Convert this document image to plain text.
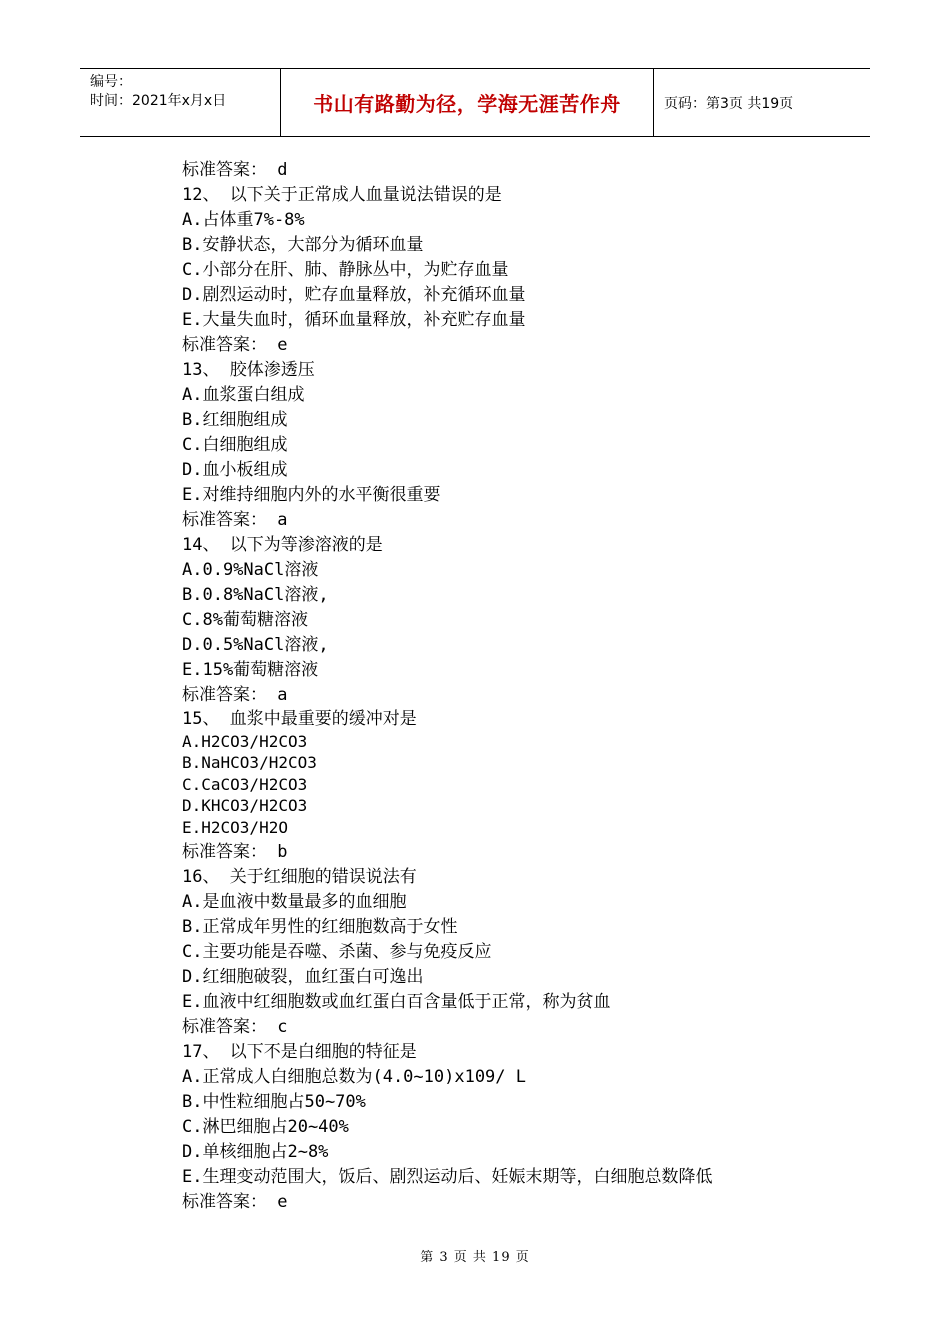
编号：
时间：2021年x月x日	书山有路勤为径，学海无涯苦作舟	页码：第3页 共19页
标准答案： d
12、 以下关于正常成人血量说法错误的是
A.占体重7%-8%
B.安静状态，大部分为循环血量
C.小部分在肝、肺、静脉丛中，为贮存血量
D.剧烈运动时，贮存血量释放，补充循环血量
E.大量失血时，循环血量释放，补充贮存血量
标准答案： e
13、 胶体渗透压
A.血浆蛋白组成
B.红细胞组成
C.白细胞组成
D.血小板组成
E.对维持细胞内外的水平衡很重要
标准答案： a
14、 以下为等渗溶液的是
A.0.9%NaCl溶液
B.0.8%NaCl溶液,
C.8%葡萄糖溶液
D.0.5%NaCl溶液,
E.15%葡萄糖溶液
标准答案： a
15、 血浆中最重要的缓冲对是
A.H2CO3/H2CO3
B.NaHCO3/H2CO3
C.CaCO3/H2CO3
D.KHCO3/H2CO3
E.H2CO3/H2O
标准答案： b
16、 关于红细胞的错误说法有
A.是血液中数量最多的血细胞
B.正常成年男性的红细胞数高于女性
C.主要功能是吞噬、杀菌、参与免疫反应
D.红细胞破裂，血红蛋白可逸出
E.血液中红细胞数或血红蛋白百含量低于正常，称为贫血
标准答案： c
17、 以下不是白细胞的特征是
A.正常成人白细胞总数为(4.0~10)x109/ L
B.中性粒细胞占50~70%
C.淋巴细胞占20~40%
D.单核细胞占2~8%
E.生理变动范围大，饭后、剧烈运动后、妊娠末期等，白细胞总数降低
标准答案： e
第 3 页 共 19 页
